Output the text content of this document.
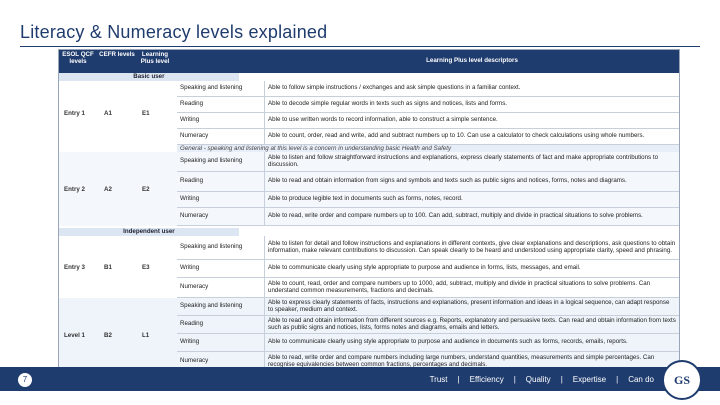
Literacy & Numeracy levels explained
ESOL QCF levels
CEFR levels	Learning Plus level	Learning Plus level descriptors
Basic user
Entry 1	A1	E1
Speaking and listening	Able to follow simple instructions / exchanges and ask simple questions in a familiar context.
Reading	Able to decode simple regular words in texts such as signs and notices, lists and forms.
Writing	Able to use written words to record information, able to construct a simple sentence.
Numeracy	Able to count, order, read and write, add and subtract numbers up to 10. Can use a calculator to check calculations using whole numbers.
General - speaking and listening at this level is a concern in understanding basic Health and Safety
Entry 2	A2	E2
Speaking and listening	Able to listen and follow straightforward instructions and explanations, express clearly statements of fact and make appropriate contributions to discussion.
Reading	Able to read and obtain information from signs and symbols and texts such as public signs and notices, forms, notes and diagrams.
Writing	Able to produce legible text in documents such as forms, notes, record.
Numeracy	Able to read, write order and compare numbers up to 100. Can add, subtract, multiply and divide in practical situations to solve problems.
Independent user
Entry 3	B1	E3
Speaking and listening	Able to listen for detail and follow instructions and explanations in different contexts, give clear explanations and descriptions, ask questions to obtain information, make relevant contributions to discussion. Can speak clearly to be heard and understood using appropriate clarity, speed and phrasing.
Writing	Able to communicate clearly using style appropriate to purpose and audience in forms, lists, messages, and email.
Numeracy	Able to count, read, order and compare numbers up to 1000, add, subtract, multiply and divide in practical situations to solve problems. Can understand common measurements, fractions and decimals.
Level 1	B2	L1
Speaking and listening	Able to express clearly statements of facts, instructions and explanations, present information and ideas in a logical sequence, can adapt response to speaker, medium and context.
Reading	Able to read and obtain information from different sources e.g. Reports, explanatory and persuasive texts. Can read and obtain information from texts such as public signs and notices, lists, forms notes and diagrams, emails and letters.
Writing	Able to communicate clearly using style appropriate to purpose and audience in documents such as forms, records, emails, reports.
Numeracy	Able to read, write order and compare numbers including large numbers, understand quantities, measurements and simple percentages. Can recognise equivalencies between common fractions, percentages and decimals.
7	Trust | Efficiency | Quality | Expertise | Can do	GS
